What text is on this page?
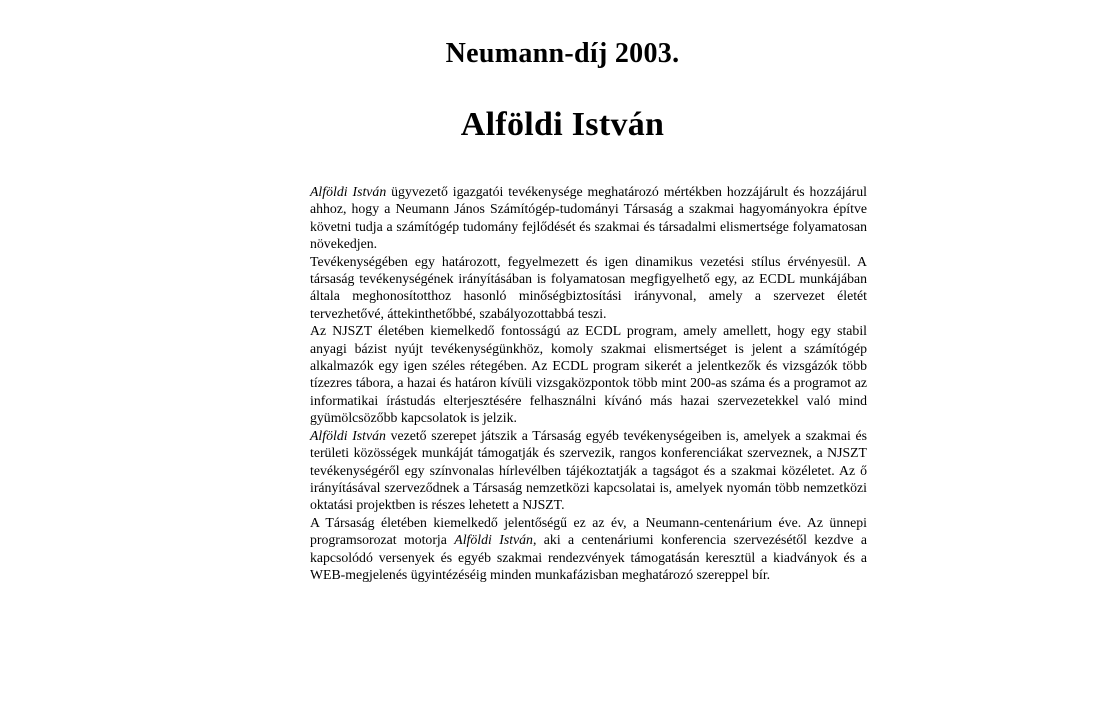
Neumann-díj 2003.
Alföldi István

Alföldi István ügyvezető igazgatói tevékenysége meghatározó mértékben hozzájárult és hozzájárul ahhoz, hogy a Neumann János Számítógép-tudományi Társaság a szakmai hagyományokra építve követni tudja a számítógép tudomány fejlődését és szakmai és társadalmi elismertsége folyamatosan növekedjen.

Tevékenységében egy határozott, fegyelmezett és igen dinamikus vezetési stílus érvényesül. A társaság tevékenységének irányításában is folyamatosan megfigyelhető egy, az ECDL munkájában általa meghonosítotthoz hasonló minőségbiztosítási irányvonal, amely a szervezet életét tervezhetővé, áttekinthetőbbé, szabályozottabbá teszi.

Az NJSZT életében kiemelkedő fontosságú az ECDL program, amely amellett, hogy egy stabil anyagi bázist nyújt tevékenységünkhöz, komoly szakmai elismertséget is jelent a számítógép alkalmazók egy igen széles rétegében. Az ECDL program sikerét a jelentkezők és vizsgázók több tízezres tábora, a hazai és határon kívüli vizsgaközpontok több mint 200-as száma és a programot az informatikai írástudás elterjesztésére felhasználni kívánó más hazai szervezetekkel való mind gyümölcsözőbb kapcsolatok is jelzik.

Alföldi István vezető szerepet játszik a Társaság egyéb tevékenységeiben is, amelyek a szakmai és területi közösségek munkáját támogatják és szervezik, rangos konferenciákat szerveznek, a NJSZT tevékenységéről egy színvonalas hírlevélben tájékoztatják a tagságot és a szakmai közéletet. Az ő irányításával szerveződnek a Társaság nemzetközi kapcsolatai is, amelyek nyomán több nemzetközi oktatási projektben is részes lehetett a NJSZT.

A Társaság életében kiemelkedő jelentőségű ez az év, a Neumann-centenárium éve. Az ünnepi programsorozat motorja Alföldi István, aki a centenáriumi konferencia szervezésétől kezdve a kapcsolódó versenyek és egyéb szakmai rendezvények támogatásán keresztül a kiadványok és a WEB-megjelenés ügyintézéséig minden munkafázisban meghatározó szereppel bír.
